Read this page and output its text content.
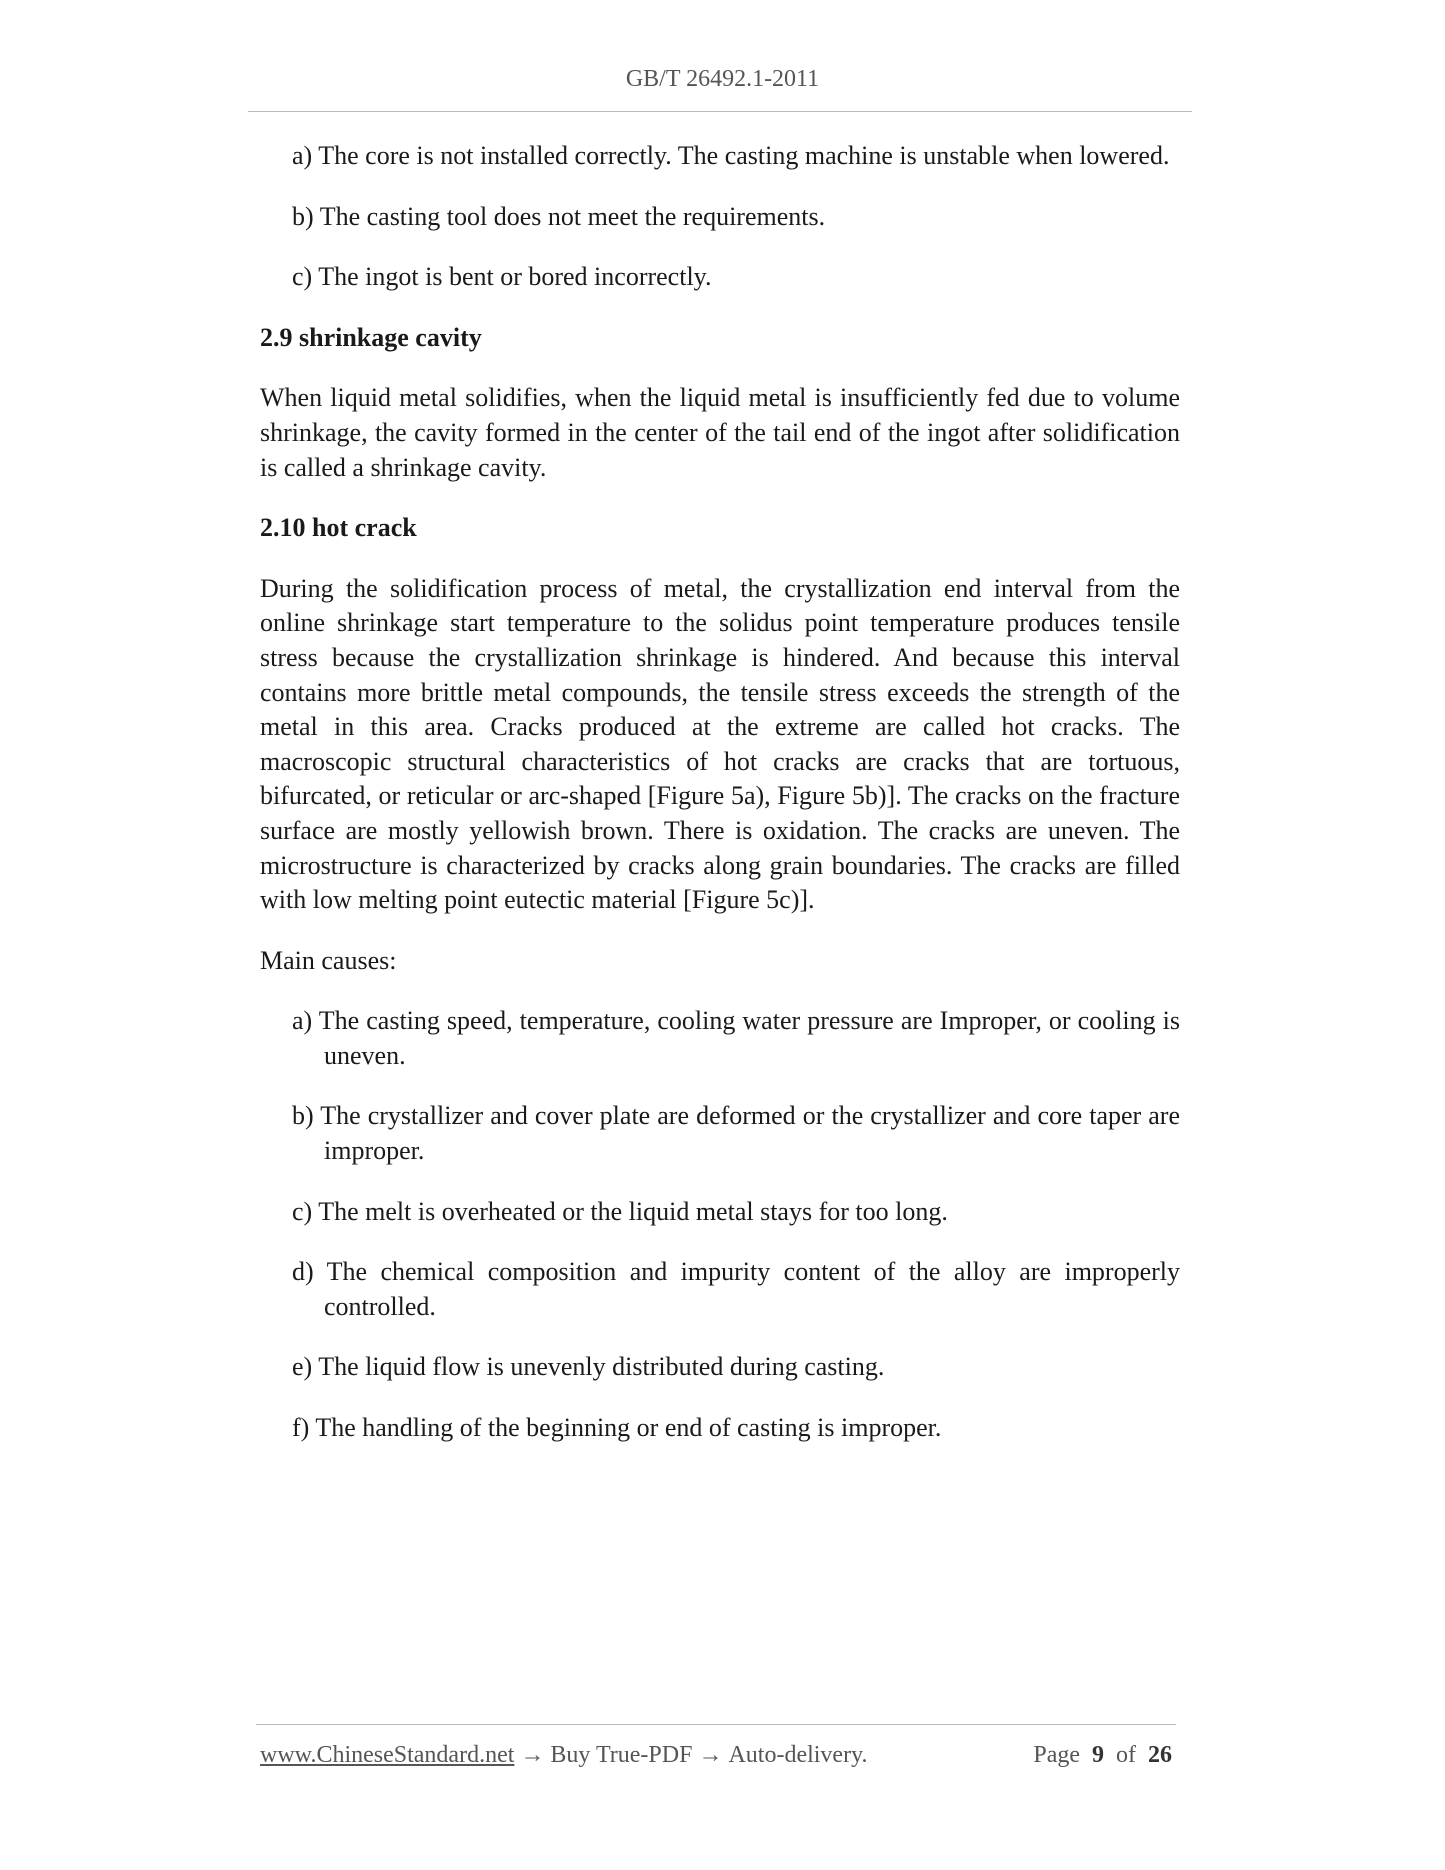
GB/T 26492.1-2011

a) The core is not installed correctly. The casting machine is unstable when lowered.

b) The casting tool does not meet the requirements.

c) The ingot is bent or bored incorrectly.

2.9 shrinkage cavity

When liquid metal solidifies, when the liquid metal is insufficiently fed due to volume shrinkage, the cavity formed in the center of the tail end of the ingot after solidification is called a shrinkage cavity.

2.10 hot crack

During the solidification process of metal, the crystallization end interval from the online shrinkage start temperature to the solidus point temperature produces tensile stress because the crystallization shrinkage is hindered. And because this interval contains more brittle metal compounds, the tensile stress exceeds the strength of the metal in this area. Cracks produced at the extreme are called hot cracks. The macroscopic structural characteristics of hot cracks are cracks that are tortuous, bifurcated, or reticular or arc-shaped [Figure 5a), Figure 5b)]. The cracks on the fracture surface are mostly yellowish brown. There is oxidation. The cracks are uneven. The microstructure is characterized by cracks along grain boundaries. The cracks are filled with low melting point eutectic material [Figure 5c)].

Main causes:

a) The casting speed, temperature, cooling water pressure are Improper, or cooling is uneven.

b) The crystallizer and cover plate are deformed or the crystallizer and core taper are improper.

c) The melt is overheated or the liquid metal stays for too long.

d) The chemical composition and impurity content of the alloy are improperly controlled.

e) The liquid flow is unevenly distributed during casting.

f) The handling of the beginning or end of casting is improper.

www.ChineseStandard.net → Buy True-PDF → Auto-delivery.	Page 9 of 26
